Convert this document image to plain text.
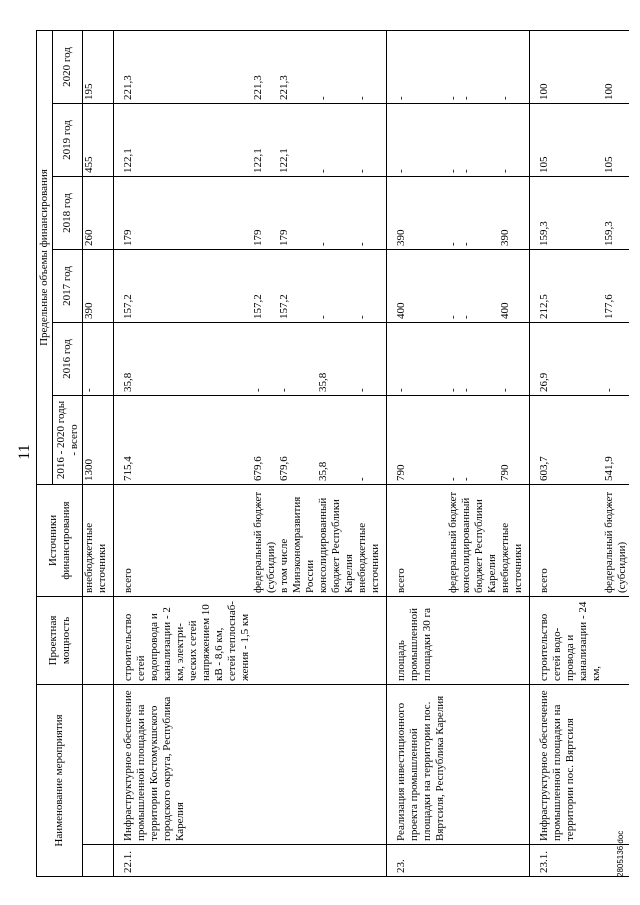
11
Наименование мероприятия		Проектная мощность	Источники финансирования	Предельные объемы финансирования					
				2016 - 2020 годы - всего	2016 год	2017 год	2018 год	2019 год	2020 год
			внебюджетные источники	1300	-	390	260	455	195
22.1.	Инфраструктурное обеспечение промышленной площадки на территории Костомукшского городского округа, Республика Карелия	строительство сетей водопровода и канализации - 2 км, электри-ческих сетей напряжением 10 кВ - 8,6 км, сетей теплоснаб-жения - 1,5 км	всего	715,4	35,8	157,2	179	122,1	221,3
			федеральный бюджет (субсидии)	679,6	-	157,2	179	122,1	221,3
			в том числе Минэкономразвития России	679,6	-	157,2	179	122,1	221,3
			консолидированный бюджет Республики Карелия	35,8	35,8	-	-	-	-
			внебюджетные источники	-	-	-	-	-	-
23.	Реализация инвестиционного проекта промышленной площадки на территории пос. Вяртсиля, Республика Карелия	площадь промышленной площадки 30 га	всего	790	-	400	390	-	-
			федеральный бюджет	-	-	-	-	-	-
			консолидированный бюджет Республики Карелия	-	-	-	-	-	-
			внебюджетные источники	790	-	400	390	-	-
23.1.	Инфраструктурное обеспечение промышленной площадки на территории пос. Вяртсиля	строительство сетей водо-провода и канализации - 24 км,	всего	603,7	26,9	212,5	159,3	105	100
			федеральный бюджет (субсидии)	541,9	-	177,6	159,3	105	100
2805136.doc
